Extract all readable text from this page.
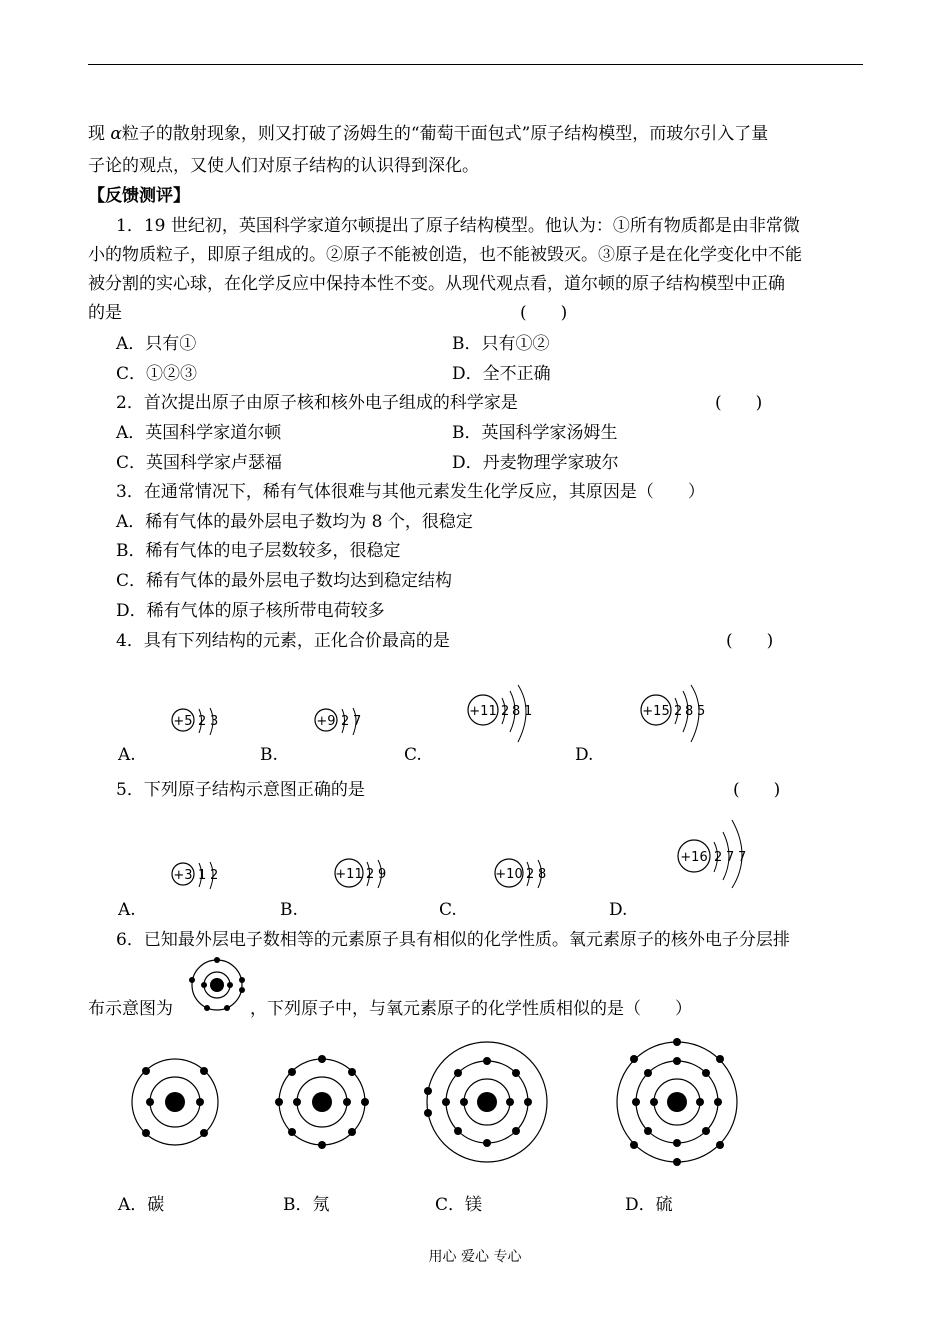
现 α粒子的散射现象，则又打破了汤姆生的“葡萄干面包式”原子结构模型，而玻尔引入了量
子论的观点，又使人们对原子结构的认识得到深化。
【反馈测评】
1．19 世纪初，英国科学家道尔顿提出了原子结构模型。他认为：①所有物质都是由非常微
小的物质粒子，即原子组成的。②原子不能被创造，也不能被毁灭。③原子是在化学变化中不能
被分割的实心球，在化学反应中保持本性不变。从现代观点看，道尔顿的原子结构模型中正确
的是	(　　)
A．只有①	B．只有①②
C．①②③	D．全不正确
2．首次提出原子由原子核和核外电子组成的科学家是	(　　)
A．英国科学家道尔顿	B．英国科学家汤姆生
C．英国科学家卢瑟福	D．丹麦物理学家玻尔
3．在通常情况下，稀有气体很难与其他元素发生化学反应，其原因是（　　）
A．稀有气体的最外层电子数均为 8 个，很稳定
B．稀有气体的电子层数较多，很稳定
C．稀有气体的最外层电子数均达到稳定结构
D．稀有气体的原子核所带电荷较多
4．具有下列结构的元素，正化合价最高的是	(　　)
+5 2 3	+9 2 7
+11 2 8 1	+15 2 8 5
A.	B.	C.	D.
5．下列原子结构示意图正确的是	(　　)
+3 1 2	+11 2 9	+10 2 8
+16 2 7 7
A.	B.	C.	D.
6．已知最外层电子数相等的元素原子具有相似的化学性质。氧元素原子的核外电子分层排
布示意图为	，下列原子中，与氧元素原子的化学性质相似的是（　　）
A．碳	B．氖	C．镁	D．硫
用心 爱心 专心
